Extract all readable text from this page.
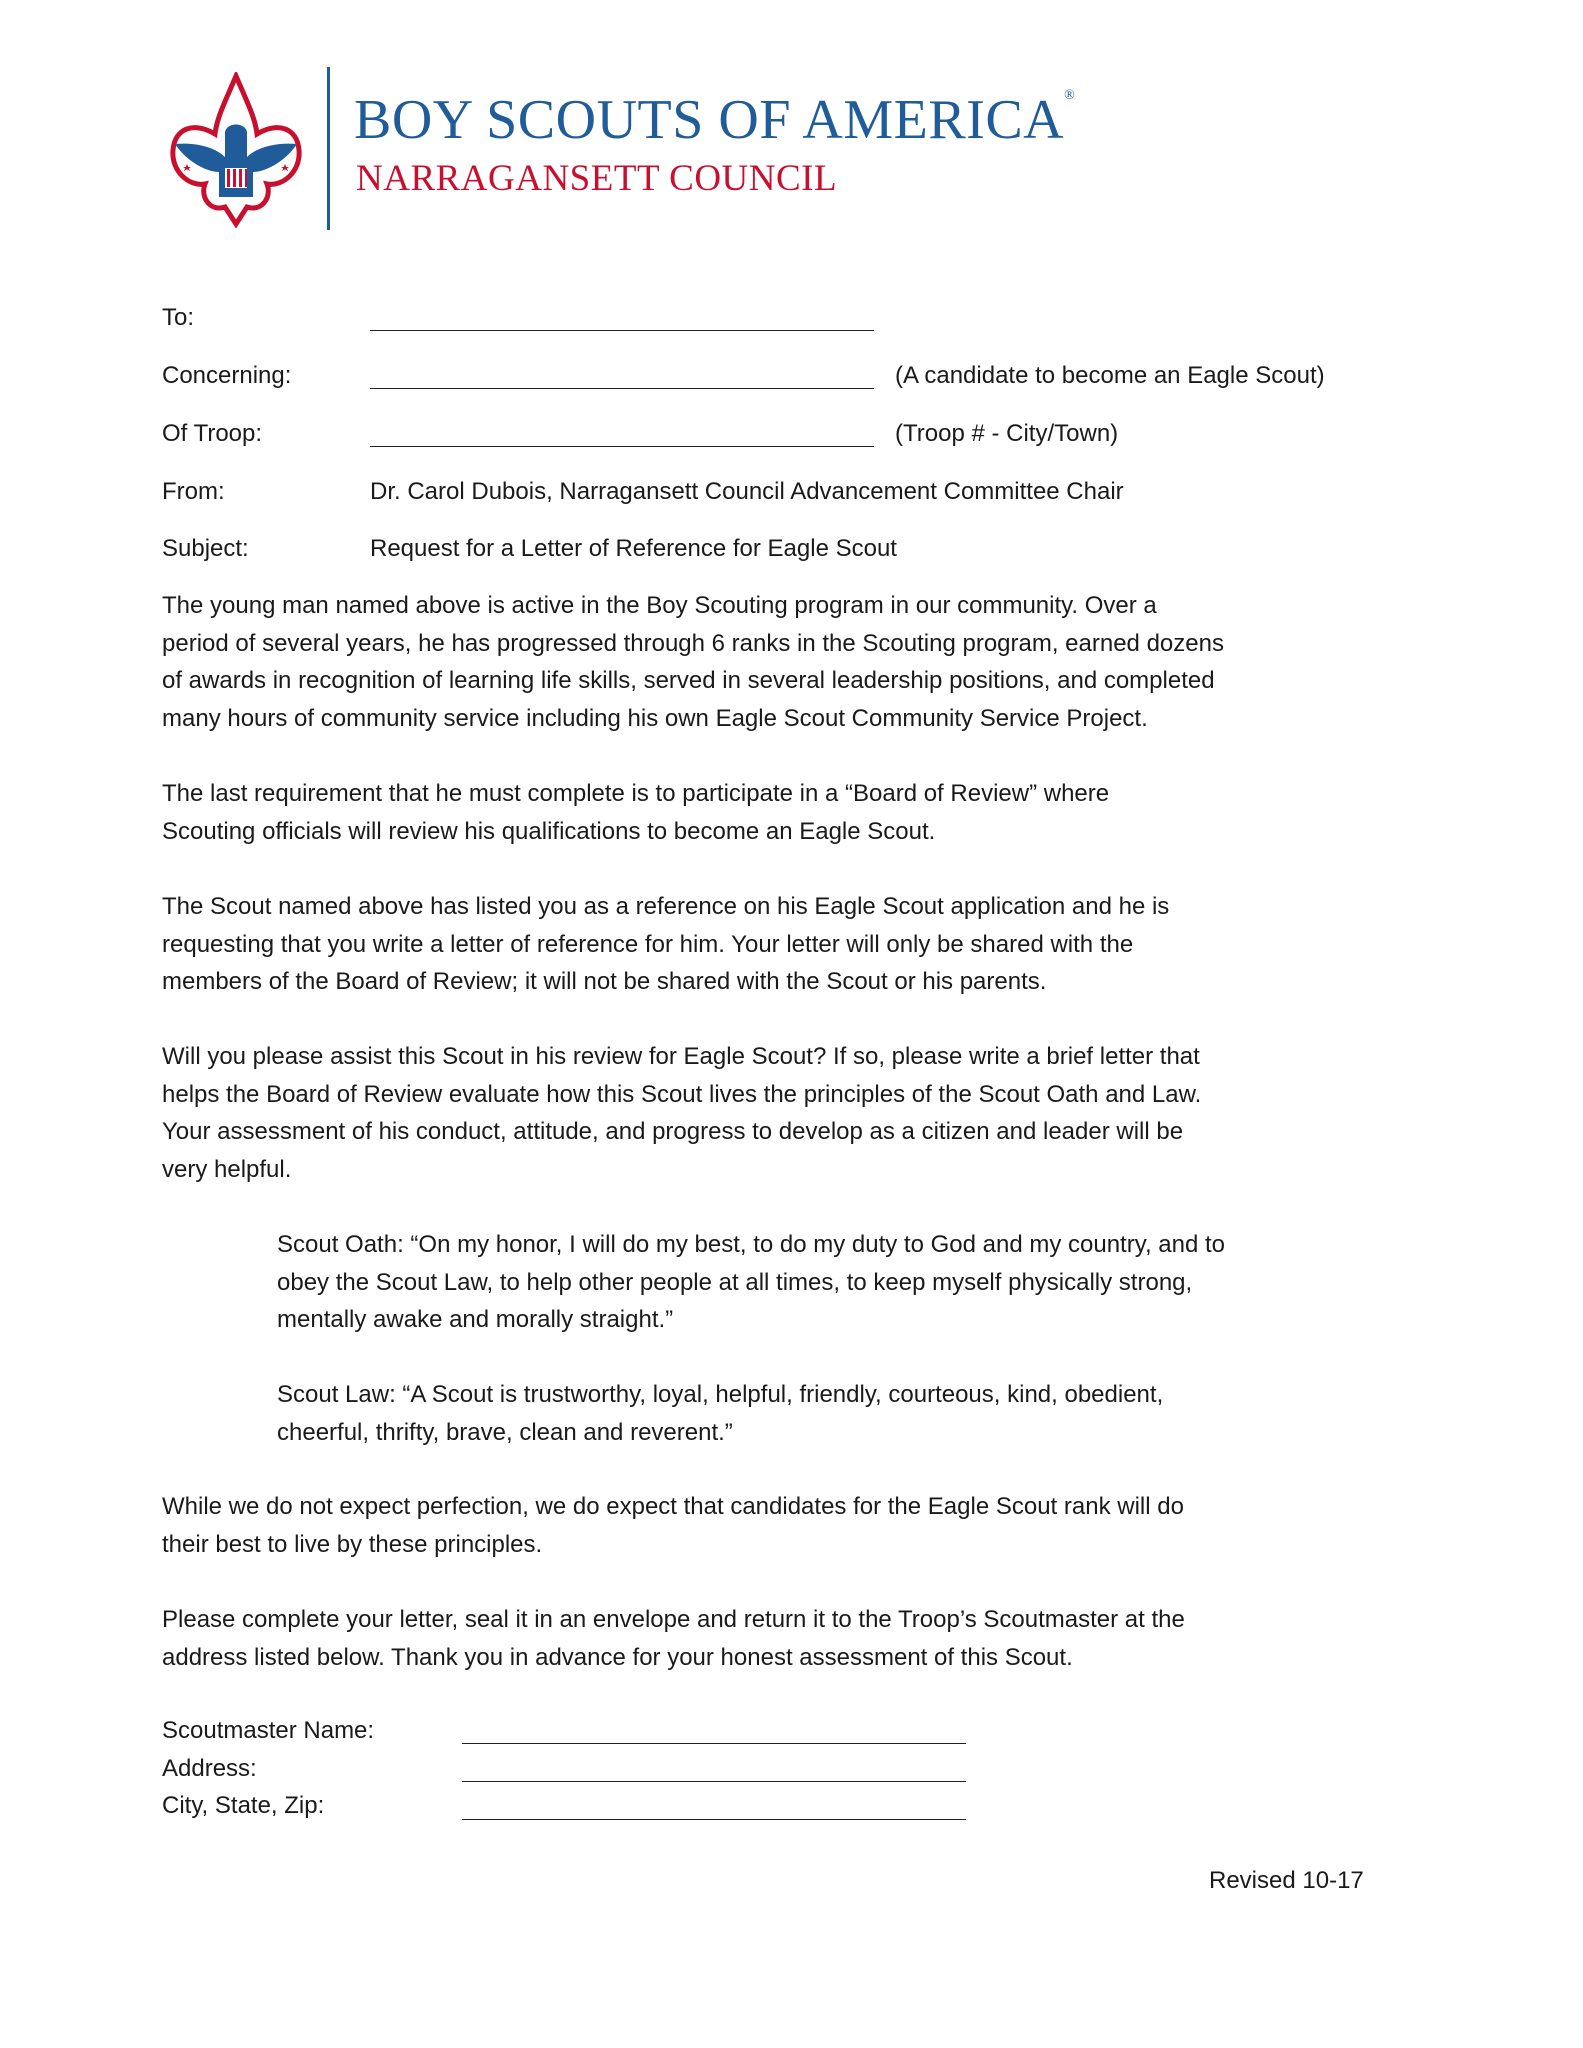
BOY SCOUTS OF AMERICA®
NARRAGANSETT COUNCIL
To:
Concerning:	(A candidate to become an Eagle Scout)
Of Troop:	(Troop # - City/Town)
From:	Dr. Carol Dubois, Narragansett Council Advancement Committee Chair
Subject:	Request for a Letter of Reference for Eagle Scout
The young man named above is active in the Boy Scouting program in our community. Over a
period of several years, he has progressed through 6 ranks in the Scouting program, earned dozens
of awards in recognition of learning life skills, served in several leadership positions, and completed
many hours of community service including his own Eagle Scout Community Service Project.
The last requirement that he must complete is to participate in a “Board of Review” where
Scouting officials will review his qualifications to become an Eagle Scout.
The Scout named above has listed you as a reference on his Eagle Scout application and he is
requesting that you write a letter of reference for him. Your letter will only be shared with the
members of the Board of Review; it will not be shared with the Scout or his parents.
Will you please assist this Scout in his review for Eagle Scout? If so, please write a brief letter that
helps the Board of Review evaluate how this Scout lives the principles of the Scout Oath and Law.
Your assessment of his conduct, attitude, and progress to develop as a citizen and leader will be
very helpful.
Scout Oath: “On my honor, I will do my best, to do my duty to God and my country, and to
obey the Scout Law, to help other people at all times, to keep myself physically strong,
mentally awake and morally straight.”
Scout Law: “A Scout is trustworthy, loyal, helpful, friendly, courteous, kind, obedient,
cheerful, thrifty, brave, clean and reverent.”
While we do not expect perfection, we do expect that candidates for the Eagle Scout rank will do
their best to live by these principles.
Please complete your letter, seal it in an envelope and return it to the Troop’s Scoutmaster at the
address listed below. Thank you in advance for your honest assessment of this Scout.
Scoutmaster Name:
Address:
City, State, Zip:
Revised 10-17
